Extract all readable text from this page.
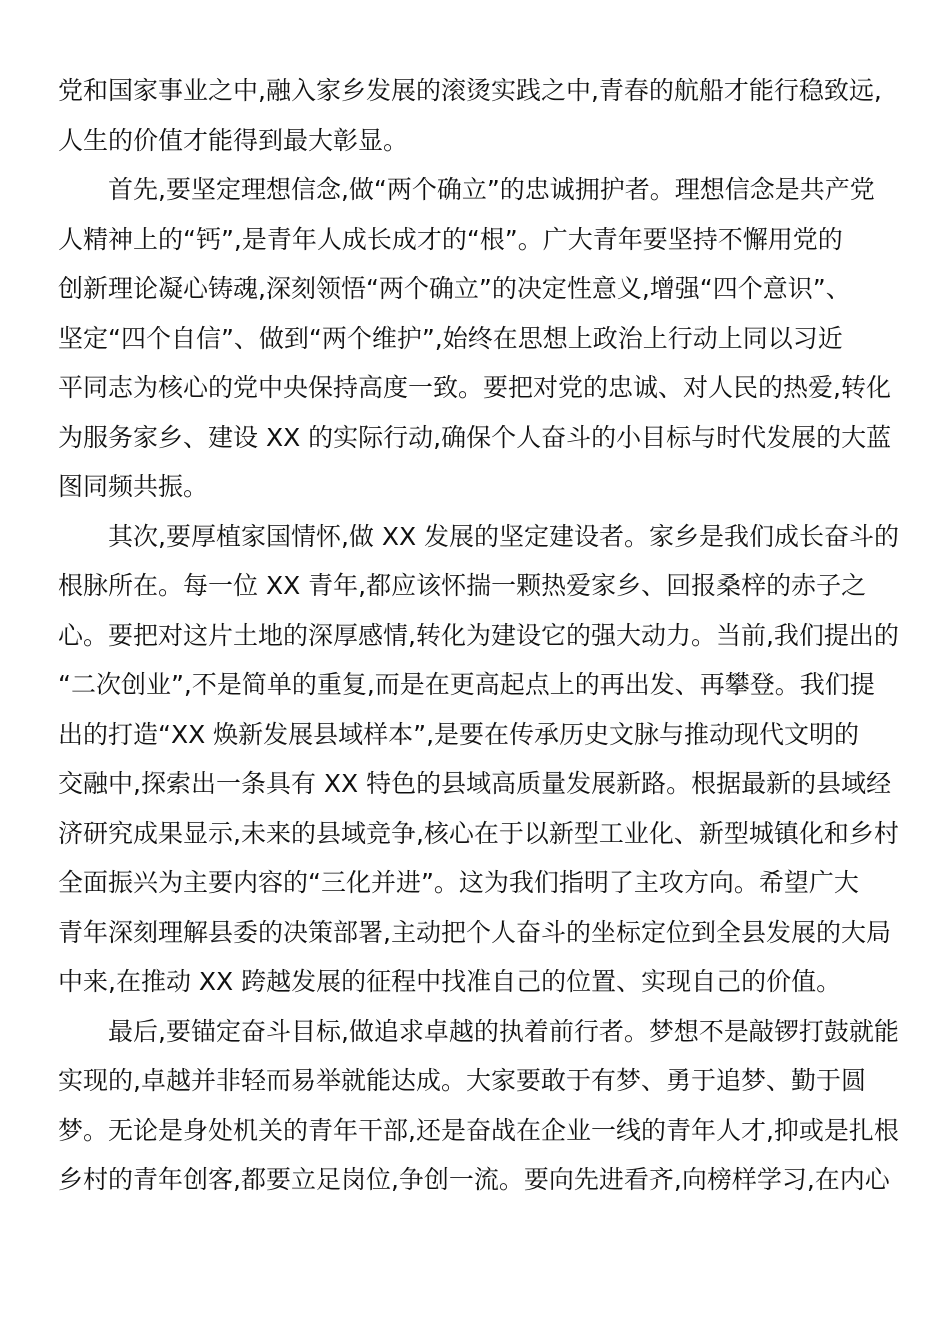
党和国家事业之中,融入家乡发展的滚烫实践之中,青春的航船才能行稳致远,
人生的价值才能得到最大彰显。
　　首先,要坚定理想信念,做“两个确立”的忠诚拥护者。理想信念是共产党
人精神上的“钙”,是青年人成长成才的“根”。广大青年要坚持不懈用党的
创新理论凝心铸魂,深刻领悟“两个确立”的决定性意义,增强“四个意识”、
坚定“四个自信”、做到“两个维护”,始终在思想上政治上行动上同以习近
平同志为核心的党中央保持高度一致。要把对党的忠诚、对人民的热爱,转化
为服务家乡、建设 XX 的实际行动,确保个人奋斗的小目标与时代发展的大蓝
图同频共振。
　　其次,要厚植家国情怀,做 XX 发展的坚定建设者。家乡是我们成长奋斗的
根脉所在。每一位 XX 青年,都应该怀揣一颗热爱家乡、回报桑梓的赤子之
心。要把对这片土地的深厚感情,转化为建设它的强大动力。当前,我们提出的
“二次创业”,不是简单的重复,而是在更高起点上的再出发、再攀登。我们提
出的打造“XX 焕新发展县域样本”,是要在传承历史文脉与推动现代文明的
交融中,探索出一条具有 XX 特色的县域高质量发展新路。根据最新的县域经
济研究成果显示,未来的县域竞争,核心在于以新型工业化、新型城镇化和乡村
全面振兴为主要内容的“三化并进”。这为我们指明了主攻方向。希望广大
青年深刻理解县委的决策部署,主动把个人奋斗的坐标定位到全县发展的大局
中来,在推动 XX 跨越发展的征程中找准自己的位置、实现自己的价值。
　　最后,要锚定奋斗目标,做追求卓越的执着前行者。梦想不是敲锣打鼓就能
实现的,卓越并非轻而易举就能达成。大家要敢于有梦、勇于追梦、勤于圆
梦。无论是身处机关的青年干部,还是奋战在企业一线的青年人才,抑或是扎根
乡村的青年创客,都要立足岗位,争创一流。要向先进看齐,向榜样学习,在内心
